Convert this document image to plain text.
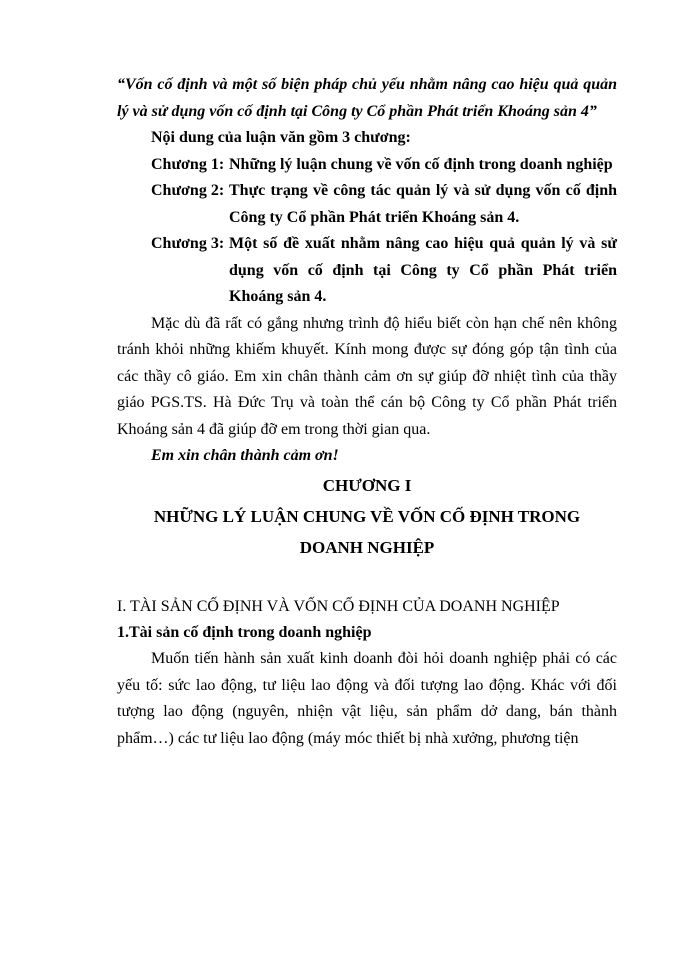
“Vốn cố định và một số biện pháp chủ yếu nhằm nâng cao hiệu quả quản lý và sử dụng vốn cố định tại Công ty Cổ phần Phát triển Khoáng sản 4”

Nội dung của luận văn gồm 3 chương:

Chương 1: Những lý luận chung về vốn cố định trong doanh nghiệp
Chương 2: Thực trạng về công tác quản lý và sử dụng vốn cố định Công ty Cổ phần Phát triển Khoáng sản 4.
Chương 3: Một số đề xuất nhằm nâng cao hiệu quả quản lý và sử dụng vốn cố định tại Công ty Cổ phần Phát triển Khoáng sản 4.

Mặc dù đã rất có gắng nhưng trình độ hiểu biết còn hạn chế nên không tránh khỏi những khiếm khuyết. Kính mong được sự đóng góp tận tình của các thầy cô giáo. Em xin chân thành cảm ơn sự giúp đỡ nhiệt tình của thầy giáo PGS.TS. Hà Đức Trụ và toàn thể cán bộ Công ty Cổ phần Phát triển Khoáng sản 4 đã giúp đỡ em trong thời gian qua.

Em xin chân thành cảm ơn!

CHƯƠNG I

NHỮNG LÝ LUẬN CHUNG VỀ VỐN CỐ ĐỊNH TRONG

DOANH NGHIỆP

I. TÀI SẢN CỐ ĐỊNH VÀ VỐN CỐ ĐỊNH CỦA DOANH NGHIỆP

1.Tài sản cố định trong doanh nghiệp

Muốn tiến hành sản xuất kinh doanh đòi hỏi doanh nghiệp phải có các yếu tố: sức lao động, tư liệu lao động và đối tượng lao động. Khác với đối tượng lao động (nguyên, nhiện vật liệu, sản phẩm dở dang, bán thành phẩm…) các tư liệu lao động (máy móc thiết bị nhà xưởng, phương tiện
